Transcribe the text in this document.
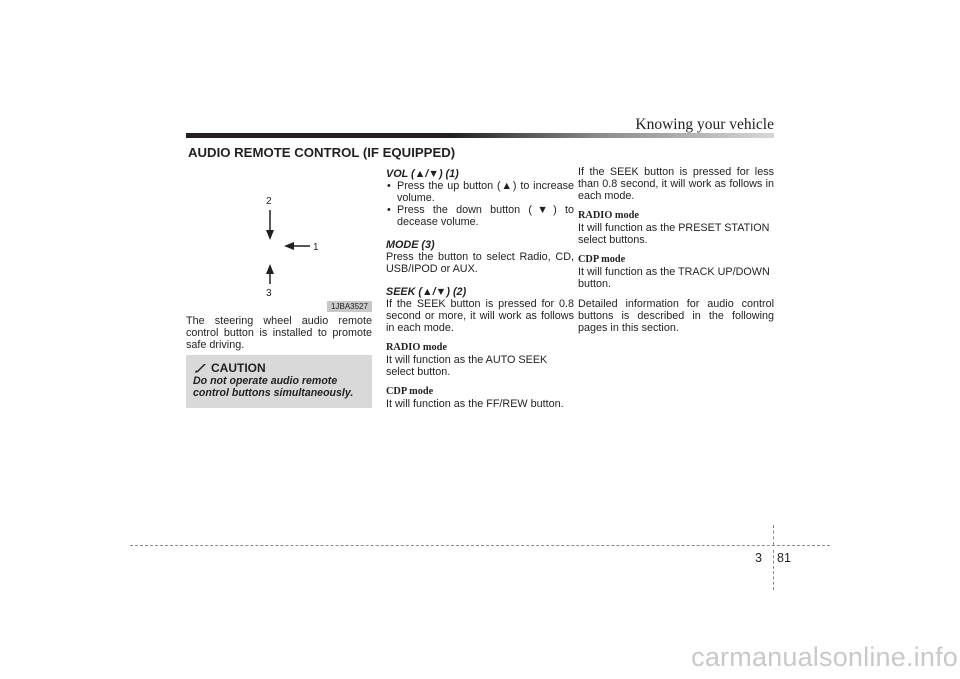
Knowing your vehicle
AUDIO REMOTE CONTROL (IF EQUIPPED)
2
1
3
1JBA3527

The steering wheel audio remote control button is installed to promote safe driving.

CAUTION
Do not operate audio remote control buttons simultaneously.

VOL (▲/▼) (1)

• Press the up button (▲) to increase volume.

• Press the down button (▼) to decease volume.

MODE (3)

Press the button to select Radio, CD, USB/IPOD or AUX.

SEEK (▲/▼) (2)

If the SEEK button is pressed for 0.8 second or more, it will work as follows in each mode.

RADIO mode

It will function as the AUTO SEEK select button.

CDP mode

It will function as the FF/REW button.

If the SEEK button is pressed for less than 0.8 second, it will work as follows in each mode.

RADIO mode

It will function as the PRESET STATION select buttons.

CDP mode

It will function as the TRACK UP/DOWN button.

Detailed information for audio control buttons is described in the following pages in this section.

3 81
carmanualsonline.info
